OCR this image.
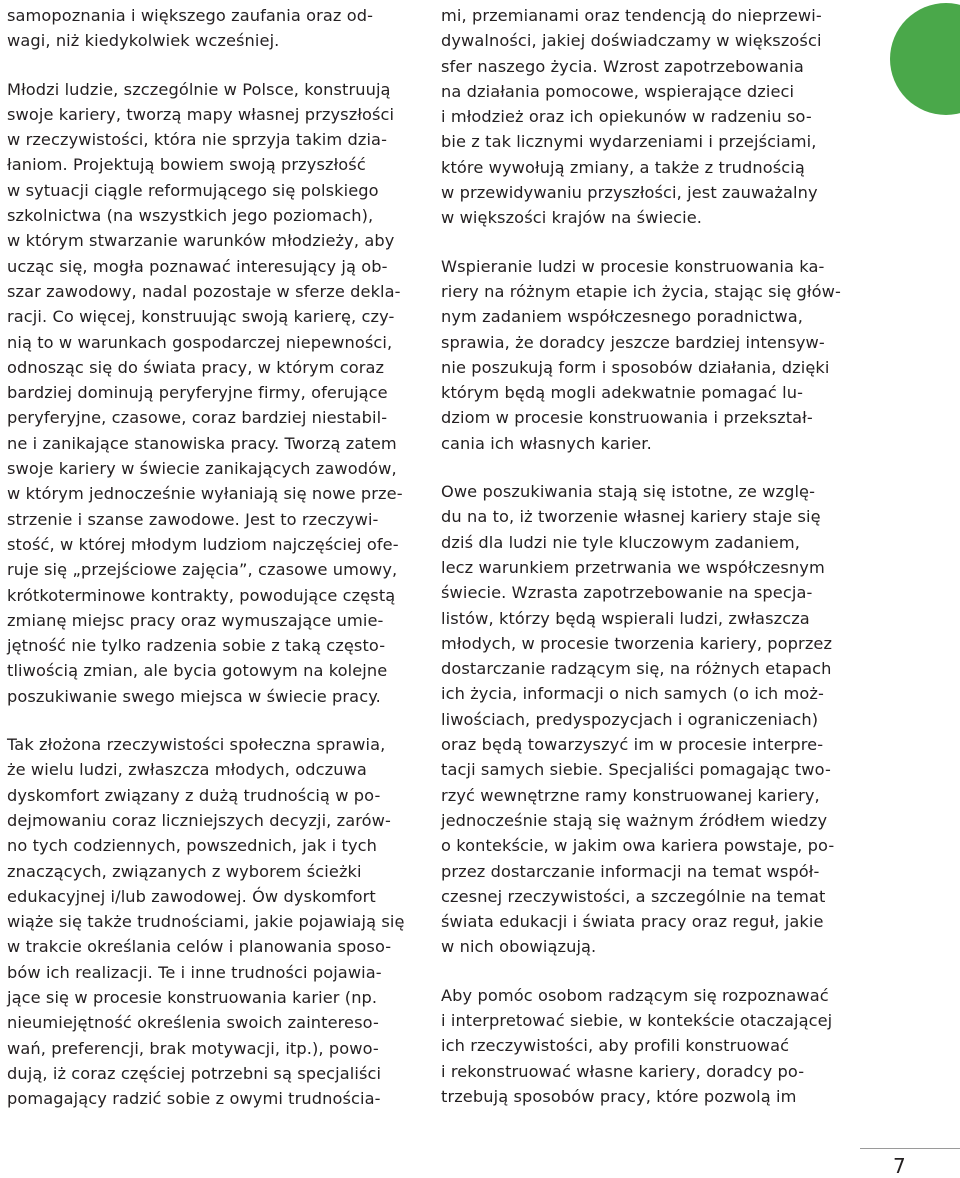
samopoznania i większego zaufania oraz od-
wagi, niż kiedykolwiek wcześniej.
Młodzi ludzie, szczególnie w Polsce, konstruują
swoje kariery, tworzą mapy własnej przyszłości
w rzeczywistości, która nie sprzyja takim dzia-
łaniom. Projektują bowiem swoją przyszłość
w sytuacji ciągle reformującego się polskiego
szkolnictwa (na wszystkich jego poziomach),
w którym stwarzanie warunków młodzieży, aby
ucząc się, mogła poznawać interesujący ją ob-
szar zawodowy, nadal pozostaje w sferze dekla-
racji. Co więcej, konstruując swoją karierę, czy-
nią to w warunkach gospodarczej niepewności,
odnosząc się do świata pracy, w którym coraz
bardziej dominują peryferyjne firmy, oferujące
peryferyjne, czasowe, coraz bardziej niestabil-
ne i zanikające stanowiska pracy. Tworzą zatem
swoje kariery w świecie zanikających zawodów,
w którym jednocześnie wyłaniają się nowe prze-
strzenie i szanse zawodowe. Jest to rzeczywi-
stość, w której młodym ludziom najczęściej ofe-
ruje się „przejściowe zajęcia”, czasowe umowy,
krótkoterminowe kontrakty, powodujące częstą
zmianę miejsc pracy oraz wymuszające umie-
jętność nie tylko radzenia sobie z taką często-
tliwością zmian, ale bycia gotowym na kolejne
poszukiwanie swego miejsca w świecie pracy.
Tak złożona rzeczywistości społeczna sprawia,
że wielu ludzi, zwłaszcza młodych, odczuwa
dyskomfort związany z dużą trudnością w po-
dejmowaniu coraz liczniejszych decyzji, zarów-
no tych codziennych, powszednich, jak i tych
znaczących, związanych z wyborem ścieżki
edukacyjnej i/lub zawodowej. Ów dyskomfort
wiąże się także trudnościami, jakie pojawiają się
w trakcie określania celów i planowania sposo-
bów ich realizacji. Te i inne trudności pojawia-
jące się w procesie konstruowania karier (np.
nieumiejętność określenia swoich zaintereso-
wań, preferencji, brak motywacji, itp.), powo-
dują, iż coraz częściej potrzebni są specjaliści
pomagający radzić sobie z owymi trudnościa-
mi, przemianami oraz tendencją do nieprzewi-
dywalności, jakiej doświadczamy w większości
sfer naszego życia. Wzrost zapotrzebowania
na działania pomocowe, wspierające dzieci
i młodzież oraz ich opiekunów w radzeniu so-
bie z tak licznymi wydarzeniami i przejściami,
które wywołują zmiany, a także z trudnością
w przewidywaniu przyszłości, jest zauważalny
w większości krajów na świecie.
Wspieranie ludzi w procesie konstruowania ka-
riery na różnym etapie ich życia, stając się głów-
nym zadaniem współczesnego poradnictwa,
sprawia, że doradcy jeszcze bardziej intensyw-
nie poszukują form i sposobów działania, dzięki
którym będą mogli adekwatnie pomagać lu-
dziom w procesie konstruowania i przekształ-
cania ich własnych karier.
Owe poszukiwania stają się istotne, ze wzglę-
du na to, iż tworzenie własnej kariery staje się
dziś dla ludzi nie tyle kluczowym zadaniem,
lecz warunkiem przetrwania we współczesnym
świecie. Wzrasta zapotrzebowanie na specja-
listów, którzy będą wspierali ludzi, zwłaszcza
młodych, w procesie tworzenia kariery, poprzez
dostarczanie radzącym się, na różnych etapach
ich życia, informacji o nich samych (o ich moż-
liwościach, predyspozycjach i ograniczeniach)
oraz będą towarzyszyć im w procesie interpre-
tacji samych siebie. Specjaliści pomagając two-
rzyć wewnętrzne ramy konstruowanej kariery,
jednocześnie stają się ważnym źródłem wiedzy
o kontekście, w jakim owa kariera powstaje, po-
przez dostarczanie informacji na temat współ-
czesnej rzeczywistości, a szczególnie na temat
świata edukacji i świata pracy oraz reguł, jakie
w nich obowiązują.
Aby pomóc osobom radzącym się rozpoznawać
i interpretować siebie, w kontekście otaczającej
ich rzeczywistości, aby profili konstruować
i rekonstruować własne kariery, doradcy po-
trzebują sposobów pracy, które pozwolą im
7
